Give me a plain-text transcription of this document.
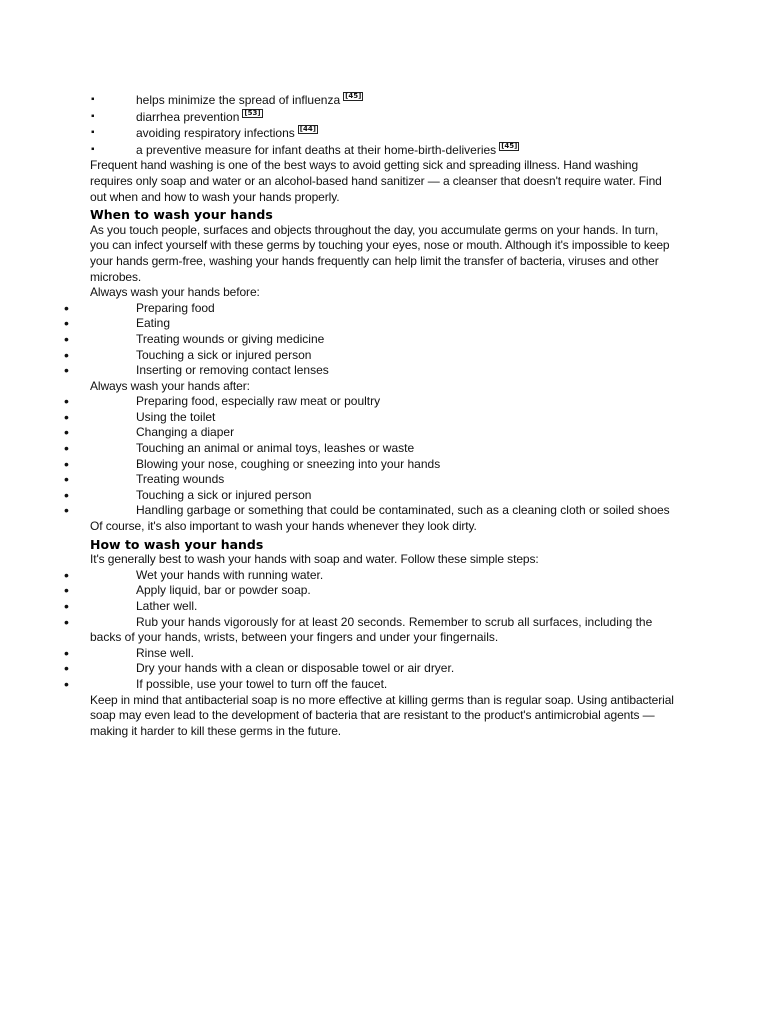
▪	helps minimize the spread of influenza [45]
▪	diarrhea prevention [53]
▪	avoiding respiratory infections [44]
▪	a preventive measure for infant deaths at their home-birth-deliveries [45]

Frequent hand washing is one of the best ways to avoid getting sick and spreading illness. Hand washing requires only soap and water or an alcohol-based hand sanitizer — a cleanser that doesn't require water. Find out when and how to wash your hands properly.

When to wash your hands

As you touch people, surfaces and objects throughout the day, you accumulate germs on your hands. In turn, you can infect yourself with these germs by touching your eyes, nose or mouth. Although it's impossible to keep your hands germ-free, washing your hands frequently can help limit the transfer of bacteria, viruses and other microbes.

Always wash your hands before:

•	Preparing food
•	Eating
•	Treating wounds or giving medicine
•	Touching a sick or injured person
•	Inserting or removing contact lenses

Always wash your hands after:

•	Preparing food, especially raw meat or poultry
•	Using the toilet
•	Changing a diaper
•	Touching an animal or animal toys, leashes or waste
•	Blowing your nose, coughing or sneezing into your hands
•	Treating wounds
•	Touching a sick or injured person
•	Handling garbage or something that could be contaminated, such as a cleaning cloth or soiled shoes

Of course, it's also important to wash your hands whenever they look dirty.

How to wash your hands

It's generally best to wash your hands with soap and water. Follow these simple steps:

•	Wet your hands with running water.
•	Apply liquid, bar or powder soap.
•	Lather well.
•	Rub your hands vigorously for at least 20 seconds. Remember to scrub all surfaces, including the backs of your hands, wrists, between your fingers and under your fingernails.
•	Rinse well.
•	Dry your hands with a clean or disposable towel or air dryer.
•	If possible, use your towel to turn off the faucet.

Keep in mind that antibacterial soap is no more effective at killing germs than is regular soap. Using antibacterial soap may even lead to the development of bacteria that are resistant to the product's antimicrobial agents — making it harder to kill these germs in the future.
